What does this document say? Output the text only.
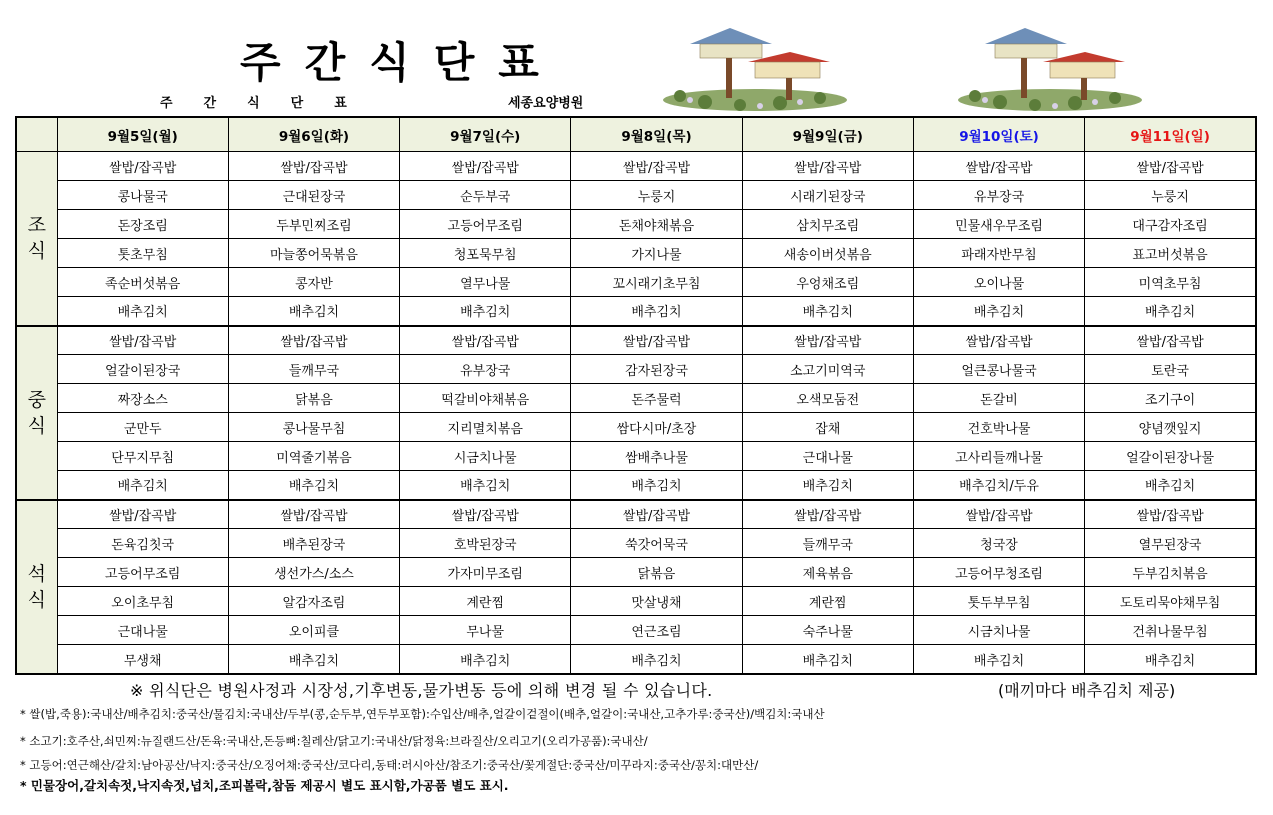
주간식단표
주간식단표	세종요양병원
	9월5일(월)	9월6일(화)	9월7일(수)	9월8일(목)	9월9일(금)	9월10일(토)	9월11일(일)
조식	쌀밥/잡곡밥	쌀밥/잡곡밥	쌀밥/잡곡밥	쌀밥/잡곡밥	쌀밥/잡곡밥	쌀밥/잡곡밥	쌀밥/잡곡밥
	콩나물국	근대된장국	순두부국	누룽지	시래기된장국	유부장국	누룽지
	돈장조림	두부민찌조림	고등어무조림	돈채야채볶음	삼치무조림	민물새우무조림	대구감자조림
	톳초무침	마늘쫑어묵볶음	청포묵무침	가지나물	새송이버섯볶음	파래자반무침	표고버섯볶음
	족순버섯볶음	콩자반	열무나물	꼬시래기초무침	우엉채조림	오이나물	미역초무침
	배추김치	배추김치	배추김치	배추김치	배추김치	배추김치	배추김치
중식	쌀밥/잡곡밥	쌀밥/잡곡밥	쌀밥/잡곡밥	쌀밥/잡곡밥	쌀밥/잡곡밥	쌀밥/잡곡밥	쌀밥/잡곡밥
	얼갈이된장국	들깨무국	유부장국	감자된장국	소고기미역국	얼큰콩나물국	토란국
	짜장소스	닭볶음	떡갈비야채볶음	돈주물럭	오색모둠전	돈갈비	조기구이
	군만두	콩나물무침	지리멸치볶음	쌈다시마/초장	잡채	건호박나물	양념깻잎지
	단무지무침	미역줄기볶음	시금치나물	쌈배추나물	근대나물	고사리들깨나물	얼갈이된장나물
	배추김치	배추김치	배추김치	배추김치	배추김치	배추김치/두유	배추김치
석식	쌀밥/잡곡밥	쌀밥/잡곡밥	쌀밥/잡곡밥	쌀밥/잡곡밥	쌀밥/잡곡밥	쌀밥/잡곡밥	쌀밥/잡곡밥
	돈육김칫국	배추된장국	호박된장국	쑥갓어묵국	들깨무국	청국장	열무된장국
	고등어무조림	생선가스/소스	가자미무조림	닭볶음	제육볶음	고등어무청조림	두부김치볶음
	오이초무침	알감자조림	계란찜	맛살냉채	계란찜	톳두부무침	도토리묵야채무침
	근대나물	오이피클	무나물	연근조림	숙주나물	시금치나물	건취나물무침
	무생채	배추김치	배추김치	배추김치	배추김치	배추김치	배추김치
※ 위식단은 병원사정과 시장성,기후변동,물가변동 등에 의해 변경 될 수 있습니다.	(매끼마다 배추김치 제공)
* 쌀(밥,죽용):국내산/배추김치:중국산/물김치:국내산/두부(콩,순두부,연두부포함):수입산/배추,얼갈이겉절이(배추,얼갈이:국내산,고추가루:중국산)/백김치:국내산
* 소고기:호주산,쇠민찌:뉴질랜드산/돈육:국내산,돈등뼈:칠레산/닭고기:국내산/닭정육:브라질산/오리고기(오리가공품):국내산/
* 고등어:연근해산/갈치:남아공산/낙지:중국산/오징어채:중국산/코다리,동태:러시아산/참조기:중국산/꽃게절단:중국산/미꾸라지:중국산/꽁치:대만산/
* 민물장어,갈치속젓,낙지속젓,넙치,조피볼락,참돔 제공시 별도 표시함,가공품 별도 표시.
